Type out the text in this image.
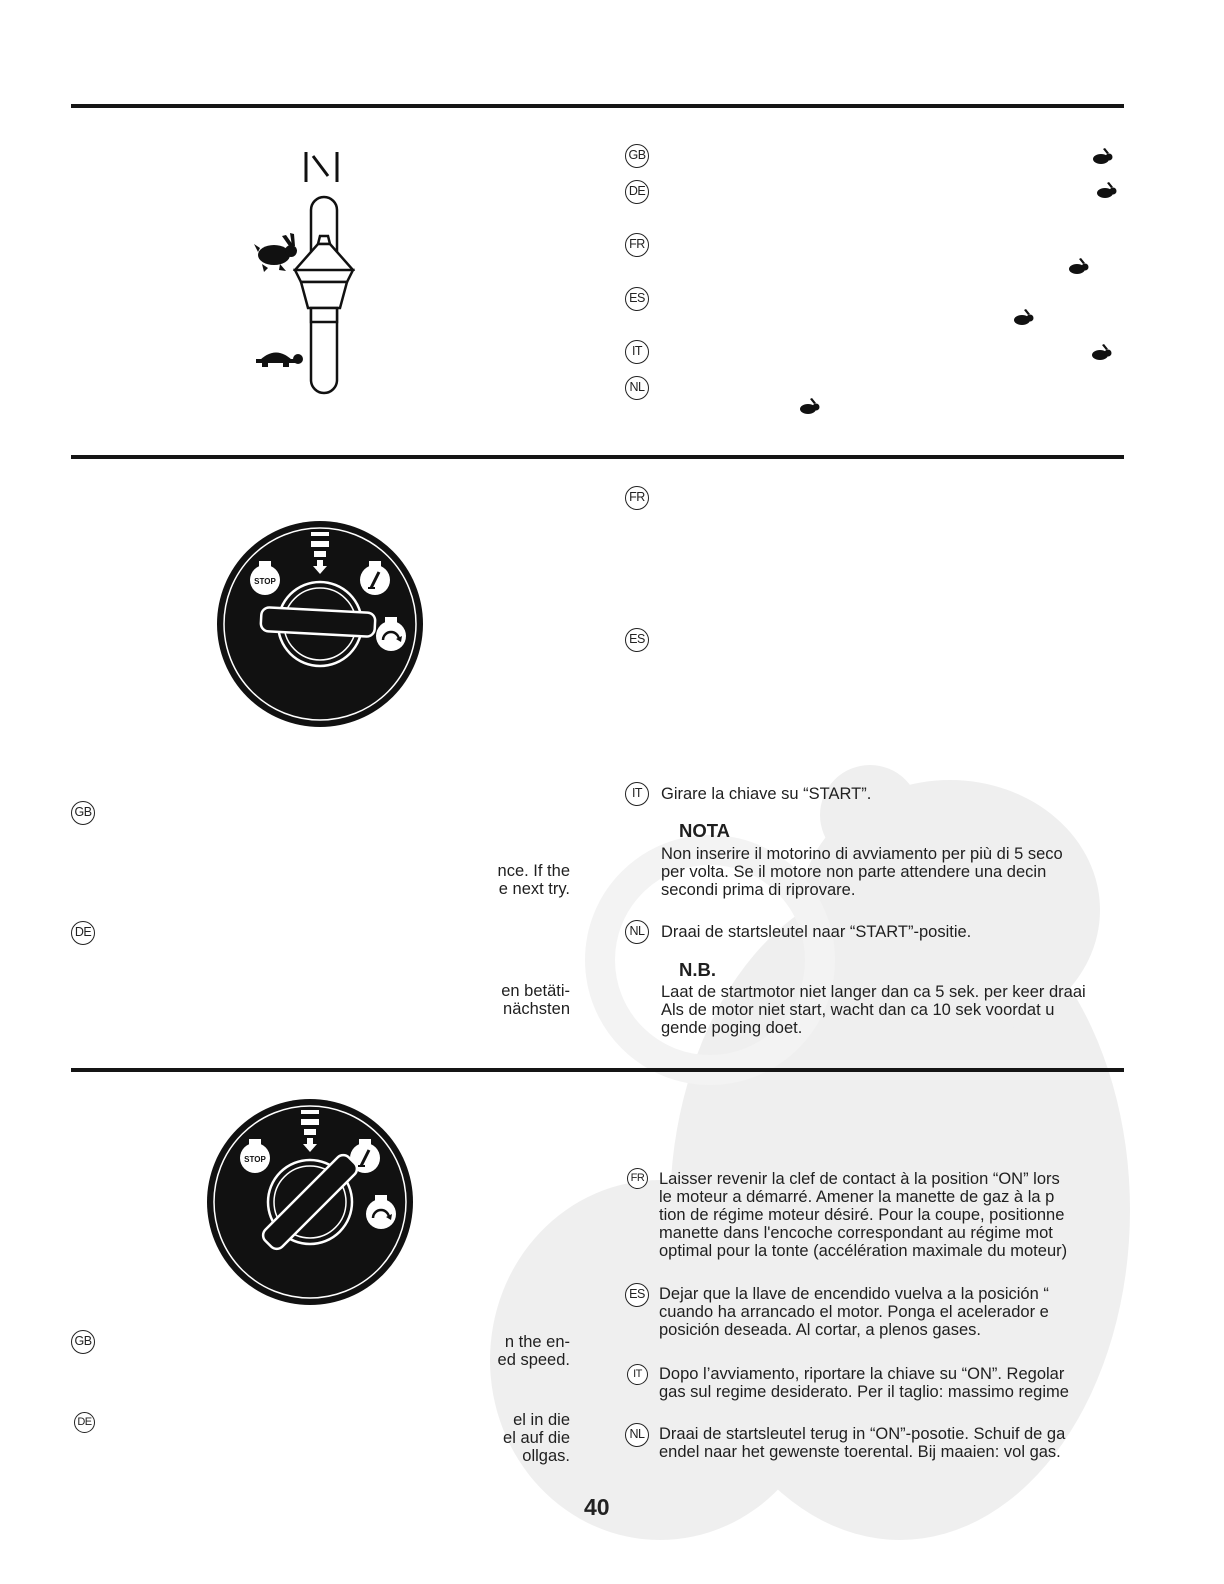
GB
DE
FR
ES
IT
NL
STOP
FR
ES
GB
nce. If the
e next try.
DE
en betäti-
nächsten
IT	Girare la chiave su “START”.
NOTA
Non inserire il motorino di avviamento per più di 5 seco
per volta. Se il motore non parte attendere una decin
secondi prima di riprovare.
NL Draai de startsleutel naar “START”-positie.
N.B.
Laat de startmotor niet langer dan ca 5 sek. per keer draai
Als de motor niet start, wacht dan ca 10 sek voordat u
gende poging doet.
STOP
GB	n the en-
ed speed.
DE	el in die
el auf die
ollgas.
FR Laisser revenir la clef de contact à la position “ON” lors
le moteur a démarré. Amener la manette de gaz à la p
tion de régime moteur désiré. Pour la coupe, positionne
manette dans l'encoche correspondant au régime mot
optimal pour la tonte (accélération maximale du moteur)
ES Dejar que la llave de encendido vuelva a la posición “
cuando ha arrancado el motor. Ponga el acelerador e
posición deseada. Al cortar, a plenos gases.
IT	Dopo l’avviamento, riportare la chiave su “ON”. Regolar
gas sul regime desiderato. Per il taglio: massimo regime
NL Draai de startsleutel terug in “ON”-posotie. Schuif de ga
endel naar het gewenste toerental. Bij maaien: vol gas.
40
